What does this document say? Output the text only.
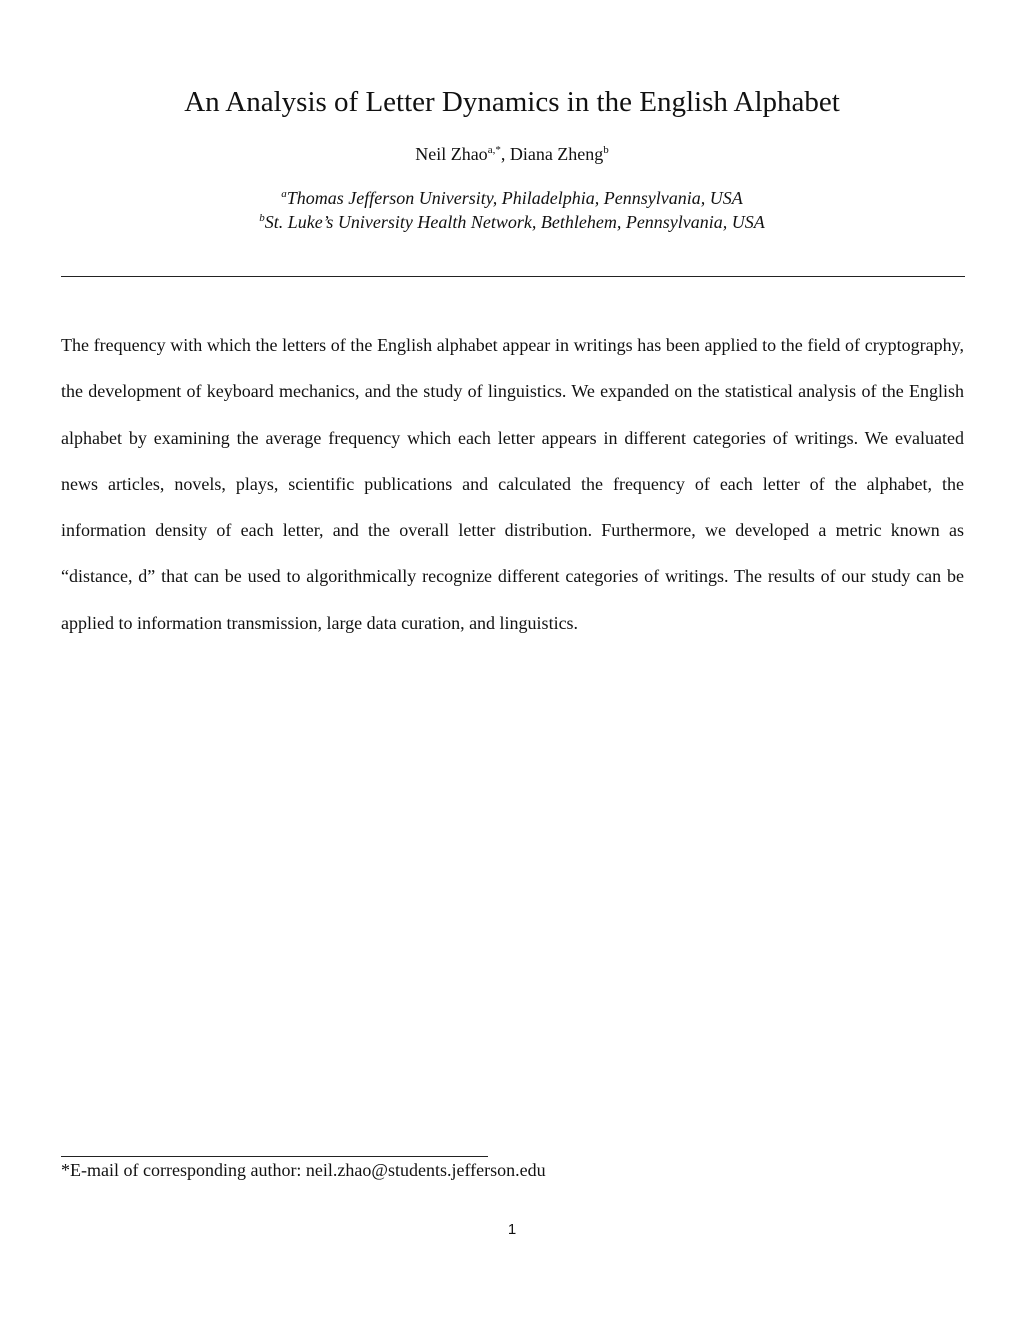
An Analysis of Letter Dynamics in the English Alphabet
Neil Zhao$^{a,*}$, Diana Zheng$^b$
$^a$Thomas Jefferson University, Philadelphia, Pennsylvania, USA
$^b$St. Luke’s University Health Network, Bethlehem, Pennsylvania, USA

The frequency with which the letters of the English alphabet appear in writings has been applied to the field of cryptography, the development of keyboard mechanics, and the study of linguistics. We expanded on the statistical analysis of the English alphabet by examining the average frequency which each letter appears in different categories of writings. We evaluated news articles, novels, plays, scientific publications and calculated the frequency of each letter of the alphabet, the information density of each letter, and the overall letter distribution. Furthermore, we developed a metric known as “distance, d” that can be used to algorithmically recognize different categories of writings. The results of our study can be applied to information transmission, large data curation, and linguistics.

*E-mail of corresponding author: neil.zhao@students.jefferson.edu
1
